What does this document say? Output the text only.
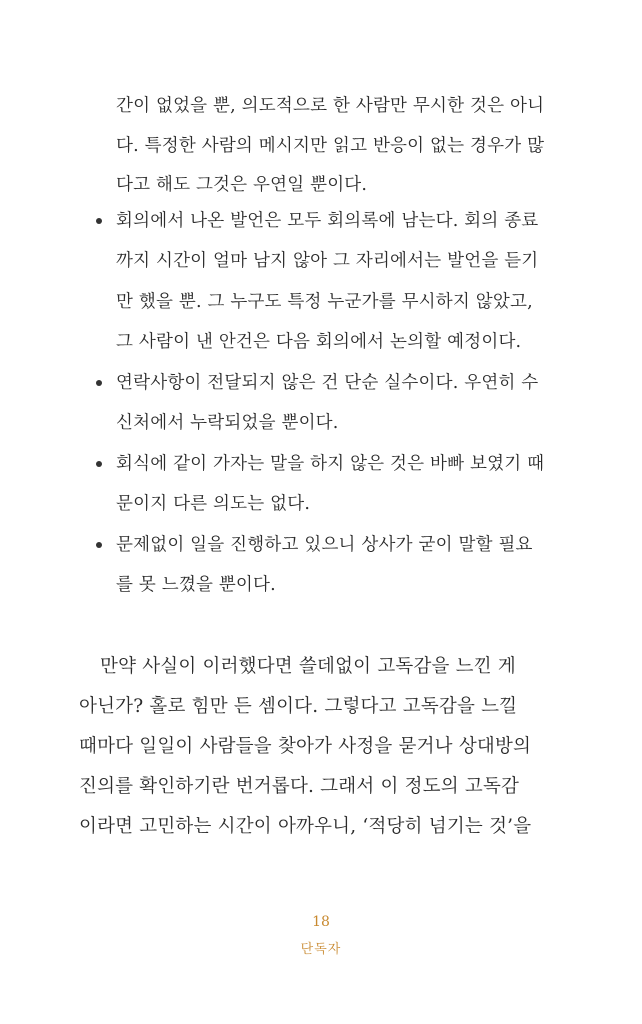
간이 없었을 뿐, 의도적으로 한 사람만 무시한 것은 아니
다. 특정한 사람의 메시지만 읽고 반응이 없는 경우가 많
다고 해도 그것은 우연일 뿐이다.
회의에서 나온 발언은 모두 회의록에 남는다. 회의 종료
까지 시간이 얼마 남지 않아 그 자리에서는 발언을 듣기
만 했을 뿐. 그 누구도 특정 누군가를 무시하지 않았고,
그 사람이 낸 안건은 다음 회의에서 논의할 예정이다.
연락사항이 전달되지 않은 건 단순 실수이다. 우연히 수
신처에서 누락되었을 뿐이다.
회식에 같이 가자는 말을 하지 않은 것은 바빠 보였기 때
문이지 다른 의도는 없다.
문제없이 일을 진행하고 있으니 상사가 굳이 말할 필요
를 못 느꼈을 뿐이다.
만약 사실이 이러했다면 쓸데없이 고독감을 느낀 게
아닌가? 홀로 힘만 든 셈이다. 그렇다고 고독감을 느낄
때마다 일일이 사람들을 찾아가 사정을 묻거나 상대방의
진의를 확인하기란 번거롭다. 그래서 이 정도의 고독감
이라면 고민하는 시간이 아까우니, ‘적당히 넘기는 것’을
18
단독자
